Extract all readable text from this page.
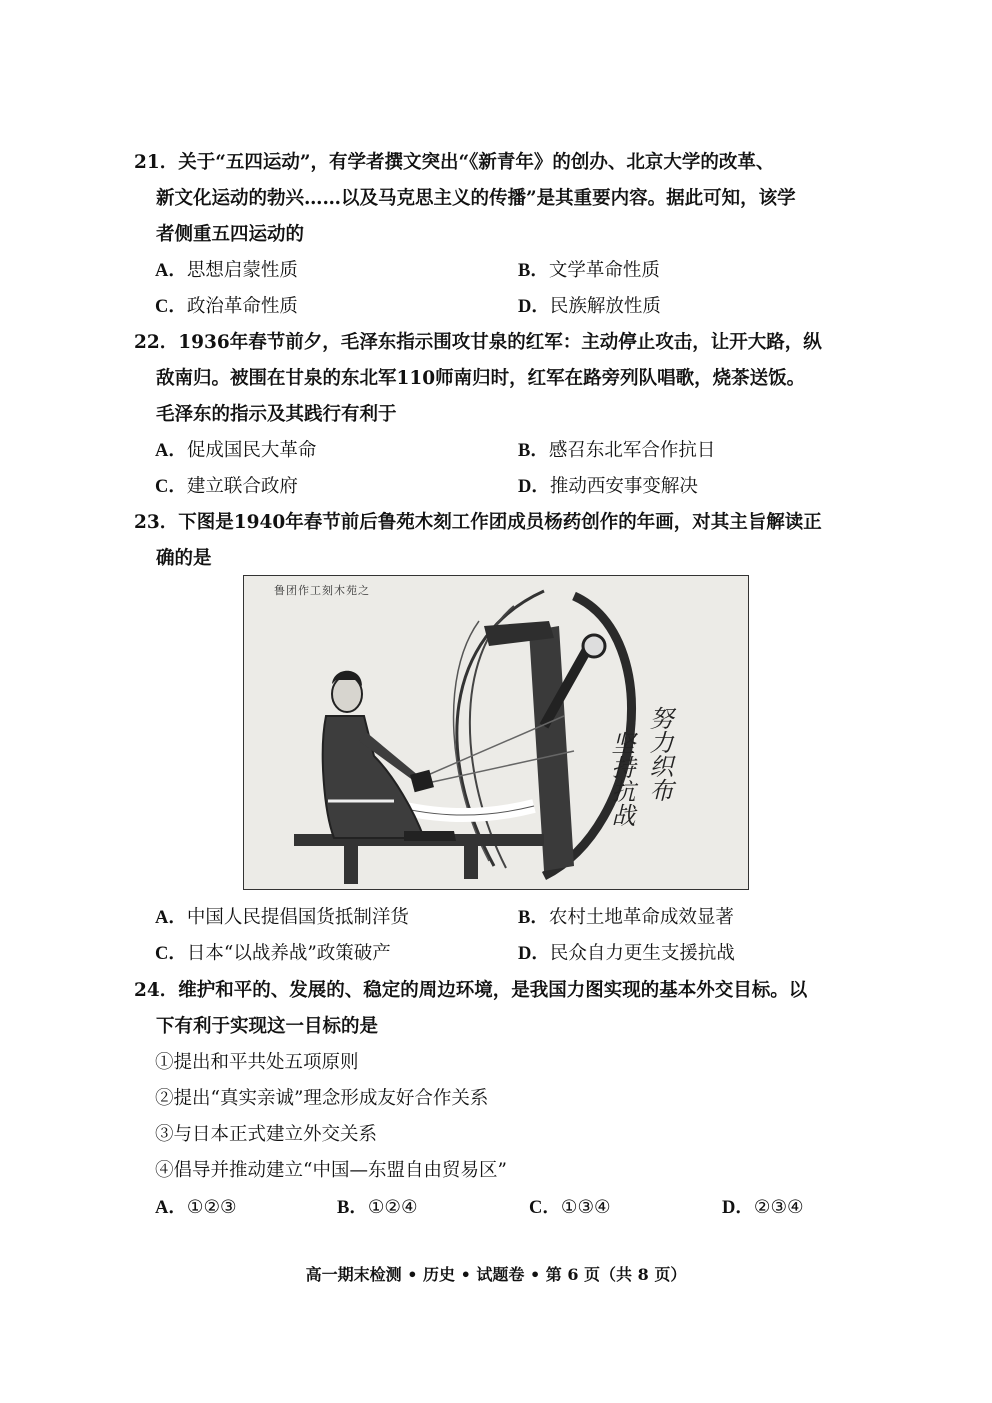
21．关于“五四运动”，有学者撰文突出“《新青年》的创办、北京大学的改革、
新文化运动的勃兴……以及马克思主义的传播”是其重要内容。据此可知，该学
者侧重五四运动的
A．思想启蒙性质	B．文学革命性质
C．政治革命性质	D．民族解放性质
22．1936年春节前夕，毛泽东指示围攻甘泉的红军：主动停止攻击，让开大路，纵
敌南归。被围在甘泉的东北军110师南归时，红军在路旁列队唱歌，烧茶送饭。
毛泽东的指示及其践行有利于
A．促成国民大革命	B．感召东北军合作抗日
C．建立联合政府	D．推动西安事变解决
23．下图是1940年春节前后鲁苑木刻工作团成员杨药创作的年画，对其主旨解读正
确的是
鲁团作工刻木苑之
努力织布
坚持抗战
A．中国人民提倡国货抵制洋货	B．农村土地革命成效显著
C．日本“以战养战”政策破产	D．民众自力更生支援抗战
24．维护和平的、发展的、稳定的周边环境，是我国力图实现的基本外交目标。以
下有利于实现这一目标的是
①提出和平共处五项原则
②提出“真实亲诚”理念形成友好合作关系
③与日本正式建立外交关系
④倡导并推动建立“中国—东盟自由贸易区”
A．①②③	B．①②④	C．①③④	D．②③④
高一期末检测 • 历史 • 试题卷 • 第 6 页（共 8 页）
